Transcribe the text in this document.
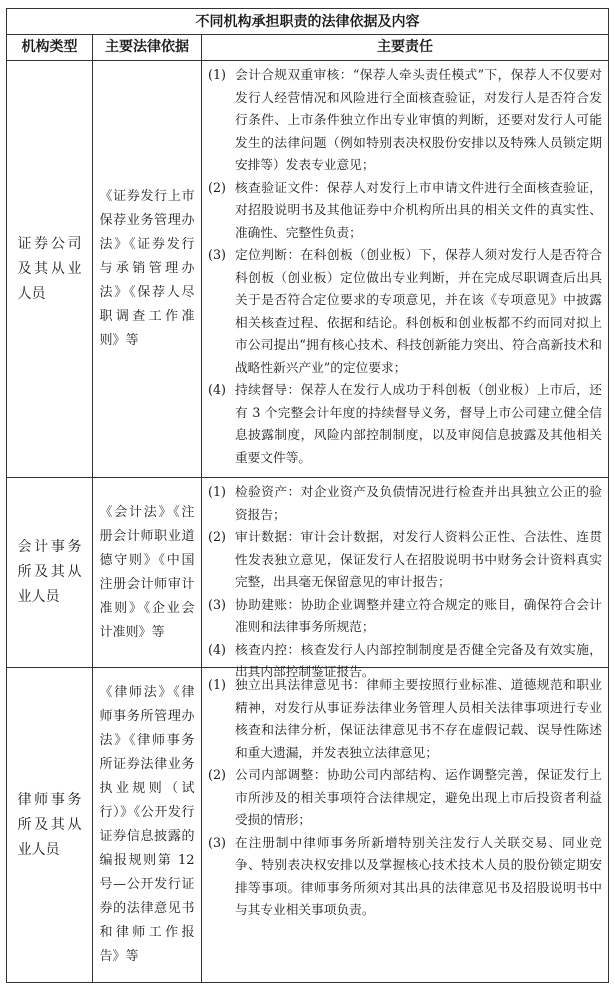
不同机构承担职责的法律依据及内容
机构类型	主要法律依据	主要责任
证券公司及其从业人员
《证券发行上市保荐业务管理办法》《证券发行与承销管理办法》《保荐人尽职调查工作准则》等
(1) 会计合规双重审核：“保荐人牵头责任模式”下，保荐人不仅要对发行人经营情况和风险进行全面核查验证，对发行人是否符合发行条件、上市条件独立作出专业审慎的判断，还要对发行人可能发生的法律问题（例如特别表决权股份安排以及特殊人员锁定期安排等）发表专业意见；
(2) 核查验证文件：保荐人对发行上市申请文件进行全面核查验证，对招股说明书及其他证券中介机构所出具的相关文件的真实性、准确性、完整性负责；
(3) 定位判断：在科创板（创业板）下，保荐人须对发行人是否符合科创板（创业板）定位做出专业判断，并在完成尽职调查后出具关于是否符合定位要求的专项意见，并在该《专项意见》中披露相关核查过程、依据和结论。科创板和创业板都不约而同对拟上市公司提出“拥有核心技术、科技创新能力突出、符合高新技术和战略性新兴产业”的定位要求；
(4) 持续督导：保荐人在发行人成功于科创板（创业板）上市后，还有 3 个完整会计年度的持续督导义务，督导上市公司建立健全信息披露制度，风险内部控制制度，以及审阅信息披露及其他相关重要文件等。
会计事务所及其从业人员
《会计法》《注册会计师职业道德守则》《中国注册会计师审计准则》《企业会计准则》等
(1) 检验资产：对企业资产及负债情况进行检查并出具独立公正的验资报告；
(2) 审计数据：审计会计数据，对发行人资料公正性、合法性、连贯性发表独立意见，保证发行人在招股说明书中财务会计资料真实完整，出具毫无保留意见的审计报告；
(3) 协助建账：协助企业调整并建立符合规定的账目，确保符合会计准则和法律事务所规范；
(4) 核查内控：核查发行人内部控制制度是否健全完备及有效实施，出具内部控制鉴证报告。
律师事务所及其从业人员
《律师法》《律师事务所管理办法》《律师事务所证券法律业务执业规则（试行）》《公开发行证券信息披露的编报规则第 12 号—公开发行证券的法律意见书和律师工作报告》等
(1) 独立出具法律意见书：律师主要按照行业标准、道德规范和职业精神，对发行从事证券法律业务管理人员相关法律事项进行专业核查和法律分析，保证法律意见书不存在虚假记载、误导性陈述和重大遗漏，并发表独立法律意见；
(2) 公司内部调整：协助公司内部结构、运作调整完善，保证发行上市所涉及的相关事项符合法律规定，避免出现上市后投资者利益受损的情形；
(3) 在注册制中律师事务所新增特别关注发行人关联交易、同业竞争、特别表决权安排以及掌握核心技术技术人员的股份锁定期安排等事项。律师事务所须对其出具的法律意见书及招股说明书中与其专业相关事项负责。
